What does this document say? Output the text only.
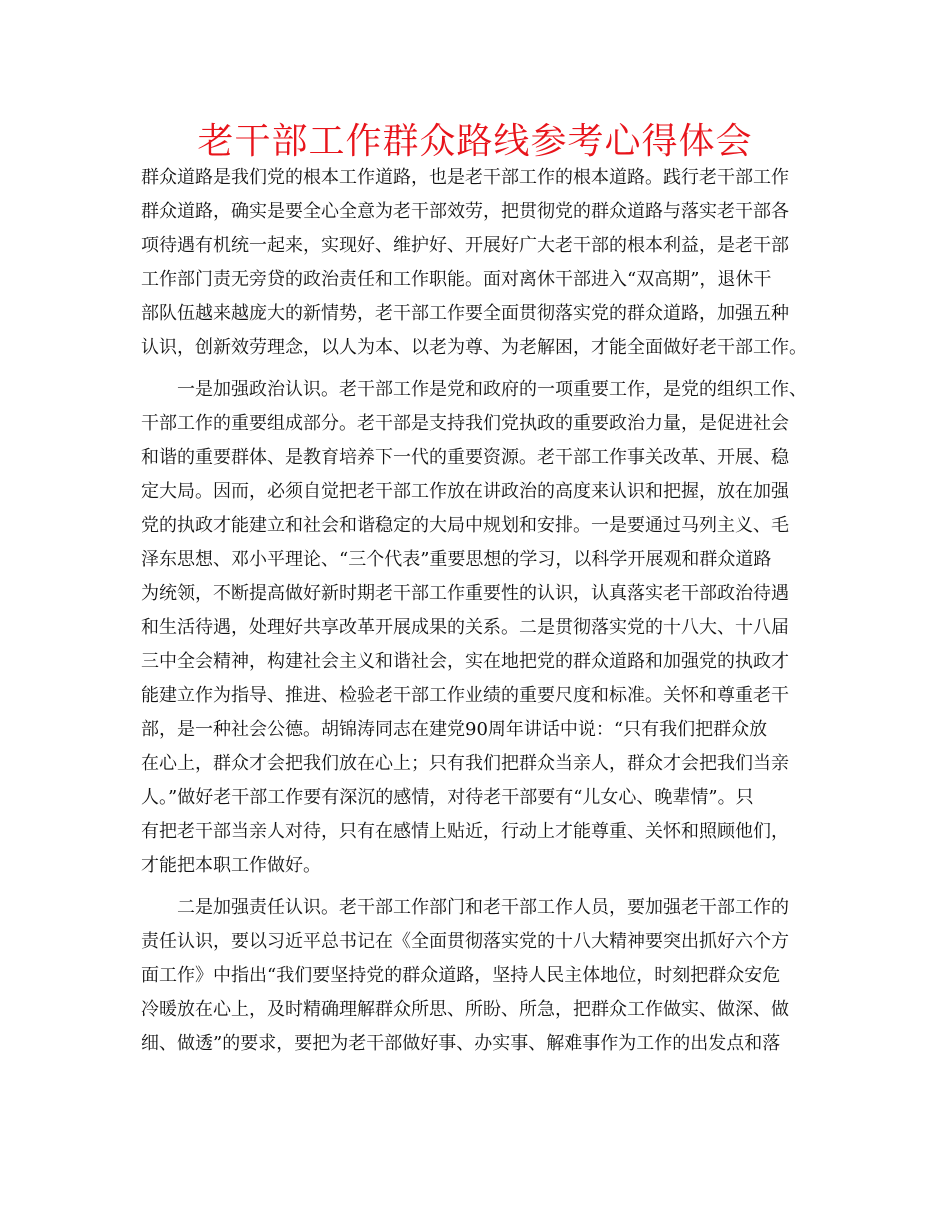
老干部工作群众路线参考心得体会
群众道路是我们党的根本工作道路，也是老干部工作的根本道路。践行老干部工作
群众道路，确实是要全心全意为老干部效劳，把贯彻党的群众道路与落实老干部各
项待遇有机统一起来，实现好、维护好、开展好广大老干部的根本利益，是老干部
工作部门责无旁贷的政治责任和工作职能。面对离休干部进入“双高期”，退休干
部队伍越来越庞大的新情势，老干部工作要全面贯彻落实党的群众道路，加强五种
认识，创新效劳理念，以人为本、以老为尊、为老解困，才能全面做好老干部工作。
一是加强政治认识。老干部工作是党和政府的一项重要工作，是党的组织工作、
干部工作的重要组成部分。老干部是支持我们党执政的重要政治力量，是促进社会
和谐的重要群体、是教育培养下一代的重要资源。老干部工作事关改革、开展、稳
定大局。因而，必须自觉把老干部工作放在讲政治的高度来认识和把握，放在加强
党的执政才能建立和社会和谐稳定的大局中规划和安排。一是要通过马列主义、毛
泽东思想、邓小平理论、“三个代表”重要思想的学习，以科学开展观和群众道路
为统领，不断提高做好新时期老干部工作重要性的认识，认真落实老干部政治待遇
和生活待遇，处理好共享改革开展成果的关系。二是贯彻落实党的十八大、十八届
三中全会精神，构建社会主义和谐社会，实在地把党的群众道路和加强党的执政才
能建立作为指导、推进、检验老干部工作业绩的重要尺度和标准。关怀和尊重老干
部，是一种社会公德。胡锦涛同志在建党90周年讲话中说：“只有我们把群众放
在心上，群众才会把我们放在心上；只有我们把群众当亲人，群众才会把我们当亲
人。”做好老干部工作要有深沉的感情，对待老干部要有“儿女心、晚辈情”。只
有把老干部当亲人对待，只有在感情上贴近，行动上才能尊重、关怀和照顾他们，
才能把本职工作做好。
二是加强责任认识。老干部工作部门和老干部工作人员，要加强老干部工作的
责任认识，要以习近平总书记在《全面贯彻落实党的十八大精神要突出抓好六个方
面工作》中指出“我们要坚持党的群众道路，坚持人民主体地位，时刻把群众安危
冷暖放在心上，及时精确理解群众所思、所盼、所急，把群众工作做实、做深、做
细、做透”的要求，要把为老干部做好事、办实事、解难事作为工作的出发点和落
